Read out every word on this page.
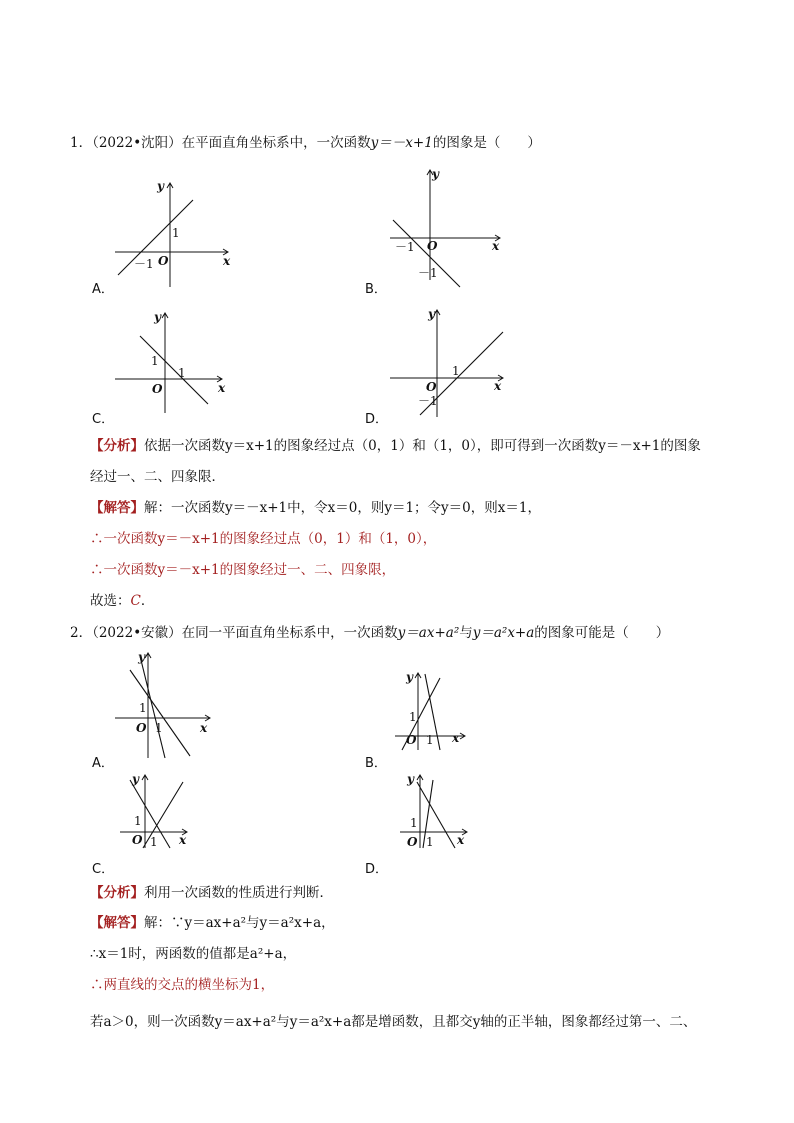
1．（2022•沈阳）在平面直角坐标系中，一次函数y＝－x+1的图象是（　　）
y
x
O
1
－1
A．
y
x
O
－1
－1
B．
y
x
O
1
1
C．
y
x
O
1
－1
D．
【分析】依据一次函数y＝x+1的图象经过点（0，1）和（1，0），即可得到一次函数y＝－x+1的图象
经过一、二、四象限．
【解答】解：一次函数y＝－x+1中，令x＝0，则y＝1；令y＝0，则x＝1，
∴一次函数y＝－x+1的图象经过点（0，1）和（1，0），
∴一次函数y＝－x+1的图象经过一、二、四象限，
故选：C．
2．（2022•安徽）在同一平面直角坐标系中，一次函数y＝ax+a²与y＝a²x+a的图象可能是（　　）
y
x
O
1
1
A．
y
x
O
1
1
B．
y
x
O
1
1
C．
y
x
O
1
1
D．
【分析】利用一次函数的性质进行判断．
【解答】解：∵y＝ax+a²与y＝a²x+a，
∴x＝1时，两函数的值都是a²+a，
∴两直线的交点的横坐标为1，
若a＞0，则一次函数y＝ax+a²与y＝a²x+a都是增函数，且都交y轴的正半轴，图象都经过第一、二、
